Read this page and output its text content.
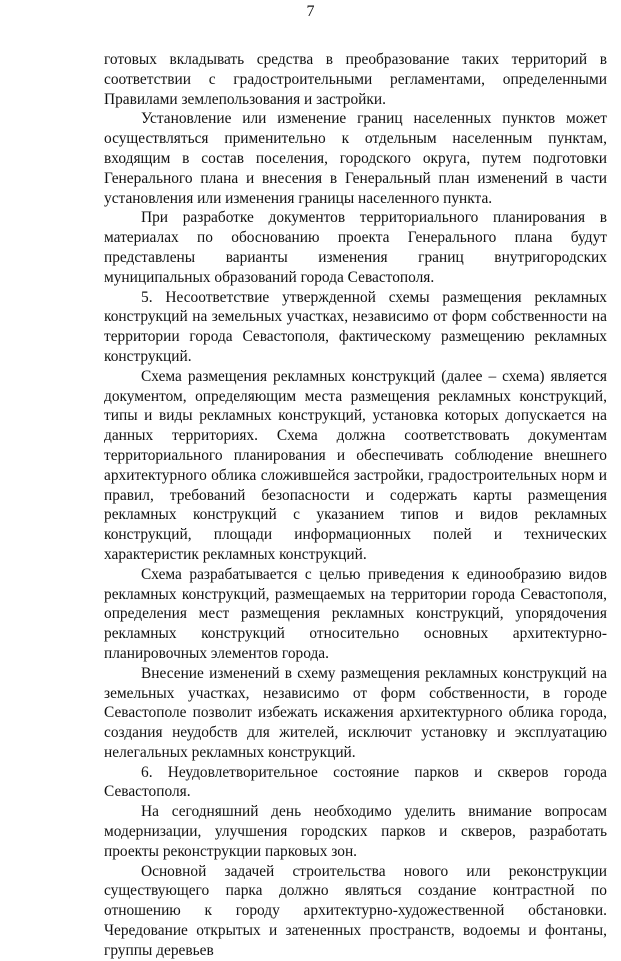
7

готовых вкладывать средства в преобразование таких территорий в соответствии с градостроительными регламентами, определенными Правилами землепользования и застройки.

Установление или изменение границ населенных пунктов может осуществляться применительно к отдельным населенным пунктам, входящим в состав поселения, городского округа, путем подготовки Генерального плана и внесения в Генеральный план изменений в части установления или изменения границы населенного пункта.

При разработке документов территориального планирования в материалах по обоснованию проекта Генерального плана будут представлены варианты изменения границ внутригородских муниципальных образований города Севастополя.

5. Несоответствие утвержденной схемы размещения рекламных конструкций на земельных участках, независимо от форм собственности на территории города Севастополя, фактическому размещению рекламных конструкций.

Схема размещения рекламных конструкций (далее – схема) является документом, определяющим места размещения рекламных конструкций, типы и виды рекламных конструкций, установка которых допускается на данных территориях. Схема должна соответствовать документам территориального планирования и обеспечивать соблюдение внешнего архитектурного облика сложившейся застройки, градостроительных норм и правил, требований безопасности и содержать карты размещения рекламных конструкций с указанием типов и видов рекламных конструкций, площади информационных полей и технических характеристик рекламных конструкций.

Схема разрабатывается с целью приведения к единообразию видов рекламных конструкций, размещаемых на территории города Севастополя, определения мест размещения рекламных конструкций, упорядочения рекламных конструкций относительно основных архитектурно-планировочных элементов города.

Внесение изменений в схему размещения рекламных конструкций на земельных участках, независимо от форм собственности, в городе Севастополе позволит избежать искажения архитектурного облика города, создания неудобств для жителей, исключит установку и эксплуатацию нелегальных рекламных конструкций.

6. Неудовлетворительное состояние парков и скверов города Севастополя.

На сегодняшний день необходимо уделить внимание вопросам модернизации, улучшения городских парков и скверов, разработать проекты реконструкции парковых зон.

Основной задачей строительства нового или реконструкции существующего парка должно являться создание контрастной по отношению к городу архитектурно-художественной обстановки. Чередование открытых и затененных пространств, водоемы и фонтаны, группы деревьев
